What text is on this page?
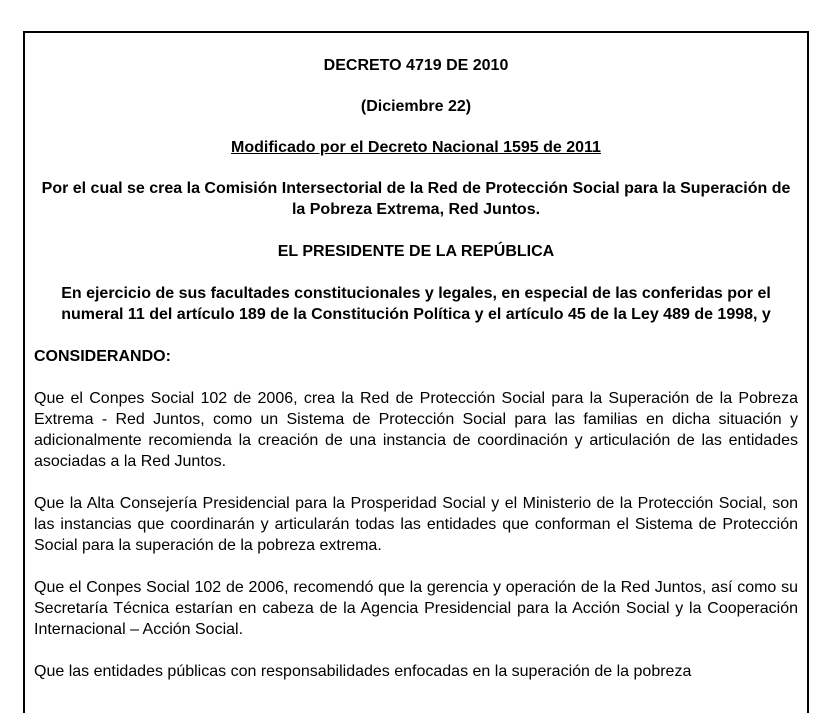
DECRETO 4719 DE 2010

(Diciembre 22)

Modificado por el Decreto Nacional 1595 de 2011

Por el cual se crea la Comisión Intersectorial de la Red de Protección Social para la Superación de la Pobreza Extrema, Red Juntos.

EL PRESIDENTE DE LA REPÚBLICA

En ejercicio de sus facultades constitucionales y legales, en especial de las conferidas por el numeral 11 del artículo 189 de la Constitución Política y el artículo 45 de la Ley 489 de 1998, y

CONSIDERANDO:

Que el Conpes Social 102 de 2006, crea la Red de Protección Social para la Superación de la Pobreza Extrema - Red Juntos, como un Sistema de Protección Social para las familias en dicha situación y adicionalmente recomienda la creación de una instancia de coordinación y articulación de las entidades asociadas a la Red Juntos.

Que la Alta Consejería Presidencial para la Prosperidad Social y el Ministerio de la Protección Social, son las instancias que coordinarán y articularán todas las entidades que conforman el Sistema de Protección Social para la superación de la pobreza extrema.

Que el Conpes Social 102 de 2006, recomendó que la gerencia y operación de la Red Juntos, así como su Secretaría Técnica estarían en cabeza de la Agencia Presidencial para la Acción Social y la Cooperación Internacional – Acción Social.

Que las entidades públicas con responsabilidades enfocadas en la superación de la pobreza
